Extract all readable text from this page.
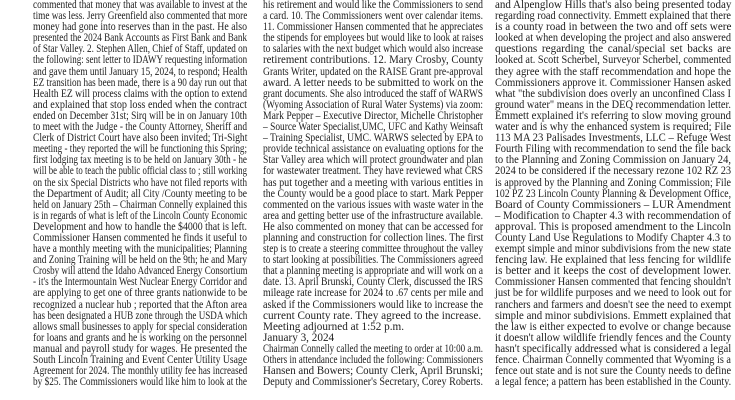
commented that money that was available to invest at the
time was less. Jerry Greenfield also commented that more
money had gone into reserves than in the past. He also
presented the 2024 Bank Accounts as First Bank and Bank
of Star Valley. 2. Stephen Allen, Chief of Staff, updated on
the following: sent letter to IDAWY requesting information
and gave them until January 15, 2024, to respond; Health
EZ transition has been made, there is a 90 day run out that
Health EZ will process claims with the option to extend
and explained that stop loss ended when the contract
ended on December 31st; Sirq will be in on January 10th
to meet with the Judge - the County Attorney, Sheriff and
Clerk of District Court have also been invited; Tri-Sight
meeting - they reported the will be functioning this Spring;
first lodging tax meeting is to be held on January 30th - he
will be able to teach the public official class to ; still working
on the six Special Districts who have not filed reports with
the Department of Audit; all City /County meeting to be
held on January 25th – Chairman Connelly explained this
is in regards of what is left of the Lincoln County Economic
Development and how to handle the $4000 that is left.
Commissioner Hansen commented he finds it useful to
have a monthly meeting with the municipalities; Planning
and Zoning Training will be held on the 9th; he and Mary
Crosby will attend the Idaho Advanced Energy Consortium
- it's the Intermountain West Nuclear Energy Corridor and
are applying to get one of three grants nationwide to be
recognized a nuclear hub ; reported that the Afton area
has been designated a HUB zone through the USDA which
allows small businesses to apply for special consideration
for loans and grants and he is working on the personnel
manual and payroll study for wages. He presented the
South Lincoln Training and Event Center Utility Usage
Agreement for 2024. The monthly utility fee has increased
by $25. The Commissioners would like him to look at the
his retirement and would like the Commissioners to send
a card. 10. The Commissioners went over calendar items.
11. Commissioner Hansen commented that he appreciates
the stipends for employees but would like to look at raises
to salaries with the next budget which would also increase
retirement contributions. 12. Mary Crosby, County
Grants Writer, updated on the RAISE Grant pre-approval
award. A letter needs to be submitted to work on the
grant documents. She also introduced the staff of WARWS
(Wyoming Association of Rural Water Systems) via zoom:
Mark Pepper – Executive Director, Michelle Christopher
– Source Water Specialist,UMC, UFC and Kathy Weinsaft
– Training Specialist, UMC. WARWS selected by EPA to
provide technical assistance on evaluating options for the
Star Valley area which will protect groundwater and plan
for wastewater treatment. They have reviewed what CRS
has put together and a meeting with various entities in
the County would be a good place to start. Mark Pepper
commented on the various issues with waste water in the
area and getting better use of the infrastructure available.
He also commented on money that can be accessed for
planning and construction for collection lines. The first
step is to create a steering committee throughout the valley
to start looking at possibilities. The Commissioners agreed
that a planning meeting is appropriate and will work on a
date. 13. April Brunski, County Clerk, discussed the IRS
mileage rate increase for 2024 to .67 cents per mile and
asked if the Commissioners would like to increase the
current County rate. They agreed to the increase.
Meeting adjourned at 1:52 p.m.
January 3, 2024
Chairman Connelly called the meeting to order at 10:00 a.m.
Others in attendance included the following: Commissioners
Hansen and Bowers; County Clerk, April Brunski;
Deputy and Commissioner's Secretary, Corey Roberts.
and Alpenglow Hills that's also being presented today
regarding road connectivity. Emmett explained that there
is a county road in between the two and off sets were
looked at when developing the project and also answered
questions regarding the canal/special set backs are
looked at. Scott Scherbel, Surveyor Scherbel, commented
they agree with the staff recommendation and hope the
Commissioners approve it. Commissioner Hansen asked
what "the subdivision does overly an unconfined Class I
ground water" means in the DEQ recommendation letter.
Emmett explained it's referring to slow moving ground
water and is why the enhanced system is required; File
113 MA 23 Palisades Investments, LLC – Refuge West
Fourth Filing with recommendation to send the file back
to the Planning and Zoning Commission on January 24,
2024 to be considered if the necessary rezone 102 RZ 23
is approved by the Planning and Zoning Commission; File
102 PZ 23 Lincoln County Planning & Development Office,
Board of County Commissioners – LUR Amendment
– Modification to Chapter 4.3 with recommendation of
approval. This is proposed amendment to the Lincoln
County Land Use Regulations to Modify Chapter 4.3 to
exempt simple and minor subdivisions from the new state
fencing law. He explained that less fencing for wildlife
is better and it keeps the cost of development lower.
Commissioner Hansen commented that fencing shouldn't
just be for wildlife purposes and we need to look out for
ranchers and farmers and doesn't see the need to exempt
simple and minor subdivisions. Emmett explained that
the law is either expected to evolve or change because
it doesn't allow wildlife friendly fences and the County
hasn't specifically addressed what is considered a legal
fence. Chairman Connelly commented that Wyoming is a
fence out state and is not sure the County needs to define
a legal fence; a pattern has been established in the County.
